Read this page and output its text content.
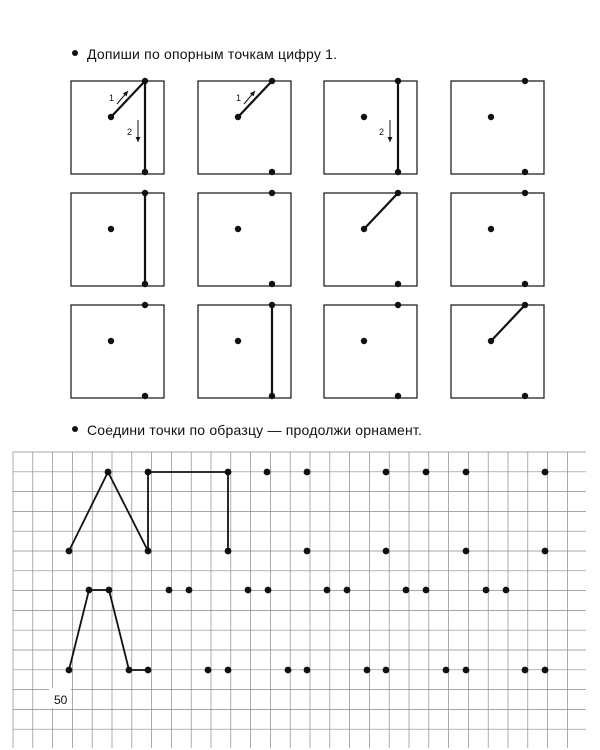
Допиши по опорным точкам цифру 1.
1
2
1
2
Соедини точки по образцу — продолжи орнамент.
50
